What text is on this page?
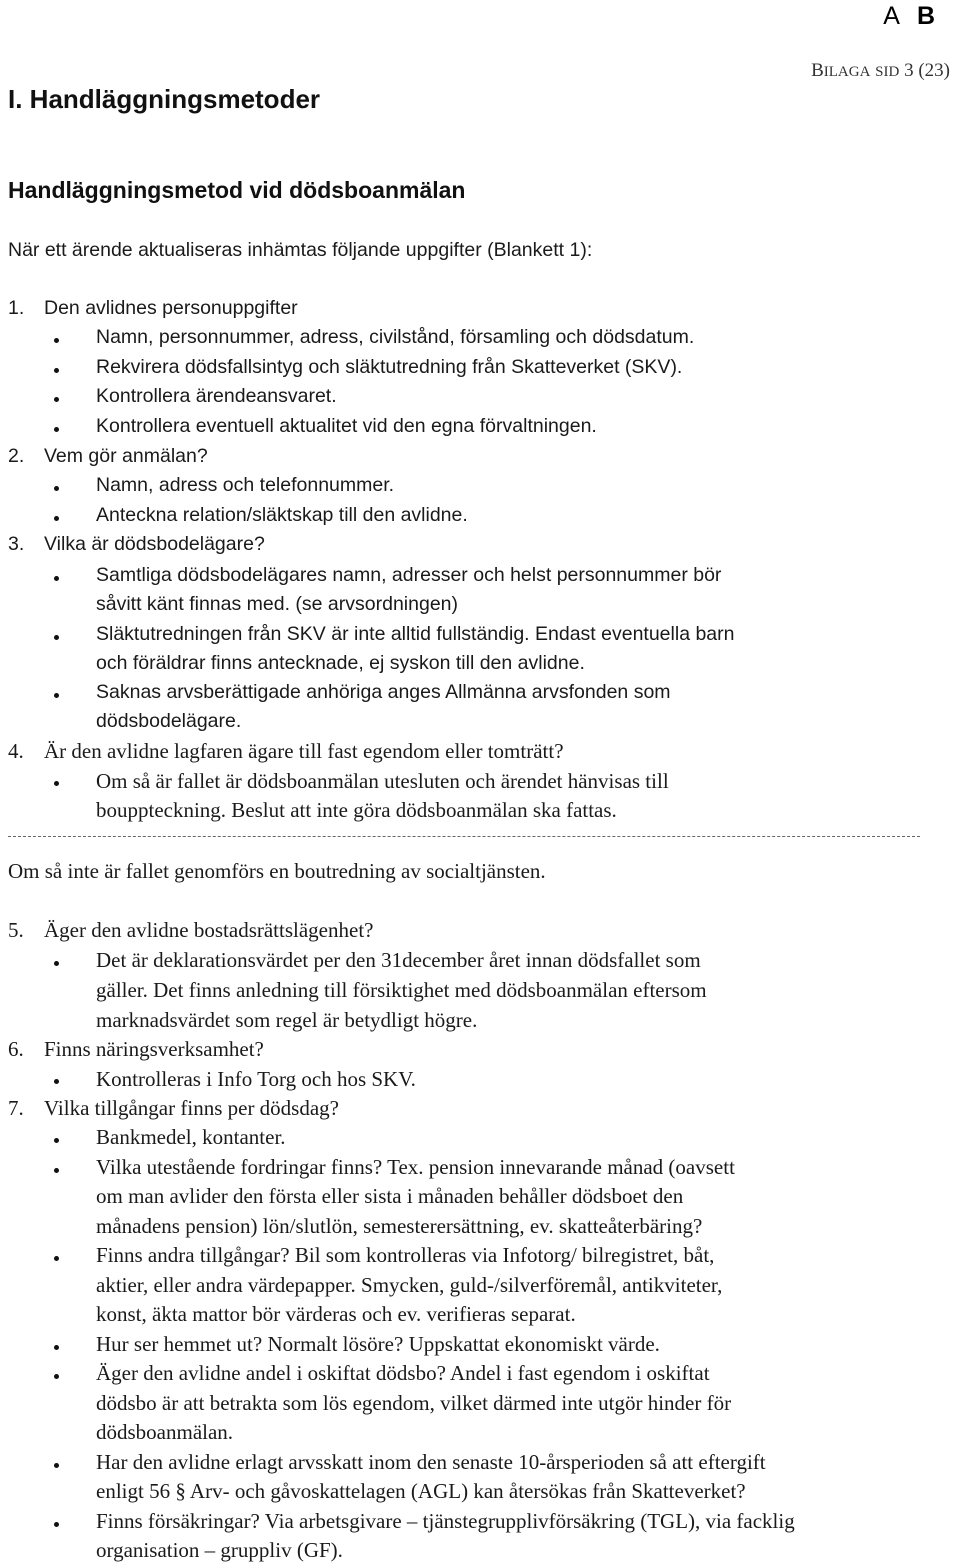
A B
BILAGA SID 3 (23)
I. Handläggningsmetoder
Handläggningsmetod vid dödsboanmälan
När ett ärende aktualiseras inhämtas följande uppgifter (Blankett 1):
1. Den avlidnes personuppgifter
Namn, personnummer, adress, civilstånd, församling och dödsdatum.
Rekvirera dödsfallsintyg och släktutredning från Skatteverket (SKV).
Kontrollera ärendeansvaret.
Kontrollera eventuell aktualitet vid den egna förvaltningen.
2. Vem gör anmälan?
Namn, adress och telefonnummer.
Anteckna relation/släktskap till den avlidne.
3. Vilka är dödsbodelägare?
Samtliga dödsbodelägares namn, adresser och helst personnummer bör
såvitt känt finnas med. (se arvsordningen)
Släktutredningen från SKV är inte alltid fullständig. Endast eventuella barn
och föräldrar finns antecknade, ej syskon till den avlidne.
Saknas arvsberättigade anhöriga anges Allmänna arvsfonden som
dödsbodelägare.
4. Är den avlidne lagfaren ägare till fast egendom eller tomträtt?
Om så är fallet är dödsboanmälan utesluten och ärendet hänvisas till
bouppteckning. Beslut att inte göra dödsboanmälan ska fattas.
Om så inte är fallet genomförs en boutredning av socialtjänsten.
5. Äger den avlidne bostadsrättslägenhet?
Det är deklarationsvärdet per den 31december året innan dödsfallet som
gäller. Det finns anledning till försiktighet med dödsboanmälan eftersom
marknadsvärdet som regel är betydligt högre.
6. Finns näringsverksamhet?
Kontrolleras i Info Torg och hos SKV.
7. Vilka tillgångar finns per dödsdag?
Bankmedel, kontanter.
Vilka utestående fordringar finns? Tex. pension innevarande månad (oavsett
om man avlider den första eller sista i månaden behåller dödsboet den
månadens pension) lön/slutlön, semesterersättning, ev. skatteåterbäring?
Finns andra tillgångar? Bil som kontrolleras via Infotorg/ bilregistret, båt,
aktier, eller andra värdepapper. Smycken, guld-/silverföremål, antikviteter,
konst, äkta mattor bör värderas och ev. verifieras separat.
Hur ser hemmet ut? Normalt lösöre? Uppskattat ekonomiskt värde.
Äger den avlidne andel i oskiftat dödsbo? Andel i fast egendom i oskiftat
dödsbo är att betrakta som lös egendom, vilket därmed inte utgör hinder för
dödsboanmälan.
Har den avlidne erlagt arvsskatt inom den senaste 10-årsperioden så att eftergift
enligt 56 § Arv- och gåvoskattelagen (AGL) kan återsökas från Skatteverket?
Finns försäkringar? Via arbetsgivare – tjänstegrupplivförsäkring (TGL), via facklig
organisation – gruppliv (GF).
